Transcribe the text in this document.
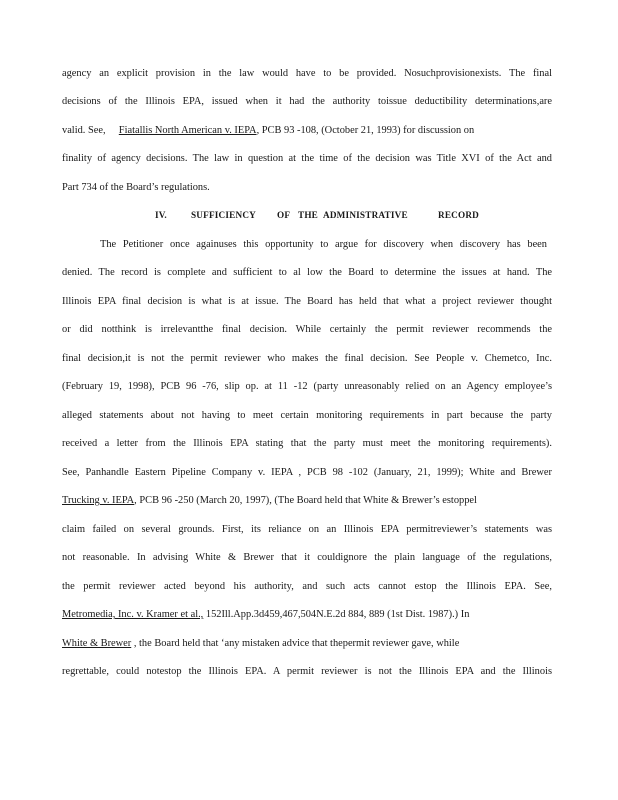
agency an explicit provision in the law would have to be provided. Nosuchprovisionexists. The final
decisions of the Illinois EPA, issued when it had the authority toissue deductibility determinations,are
valid. See, Fiatallis North American v. IEPA, PCB 93 -108, (October 21, 1993) for discussion on
finality of agency decisions. The law in question at the time of the decision was Title XVI of the Act and
Part 734 of the Board’s regulations.
IV.	SUFFICIENCY OF THE ADMINISTRATIVE	RECORD
The Petitioner once againuses this opportunity to argue for discovery when discovery has been
denied. The record is complete and sufficient to al low the Board to determine the issues at hand. The
Illinois EPA final decision is what is at issue. The Board has held that what a project reviewer thought
or did notthink is irrelevantthe final decision. While certainly the permit reviewer recommends the
final decision,it is not the permit reviewer who makes the final decision. See People v. Chemetco, Inc.
(February 19, 1998), PCB 96 -76, slip op. at 11 -12 (party unreasonably relied on an Agency employee’s
alleged statements about not having to meet certain monitoring requirements in part because the party
received a letter from the Illinois EPA stating that the party must meet the monitoring requirements).
See, Panhandle Eastern Pipeline Company v. IEPA , PCB 98 -102 (January, 21, 1999); White and Brewer
Trucking v. IEPA, PCB 96 -250 (March 20, 1997), (The Board held that White & Brewer’s estoppel
claim failed on several grounds. First, its reliance on an Illinois EPA permitreviewer’s statements was
not reasonable. In advising White & Brewer that it couldignore the plain language of the regulations,
the permit reviewer acted beyond his authority, and such acts cannot estop the Illinois EPA. See,
Metromedia, Inc. v. Kramer et al., 152Ill.App.3d459,467,504N.E.2d 884, 889 (1st Dist. 1987).) In
White & Brewer , the Board held that ‘any mistaken advice that thepermit reviewer gave, while
regrettable, could notestop the Illinois EPA. A permit reviewer is not the Illinois EPA and the Illinois
